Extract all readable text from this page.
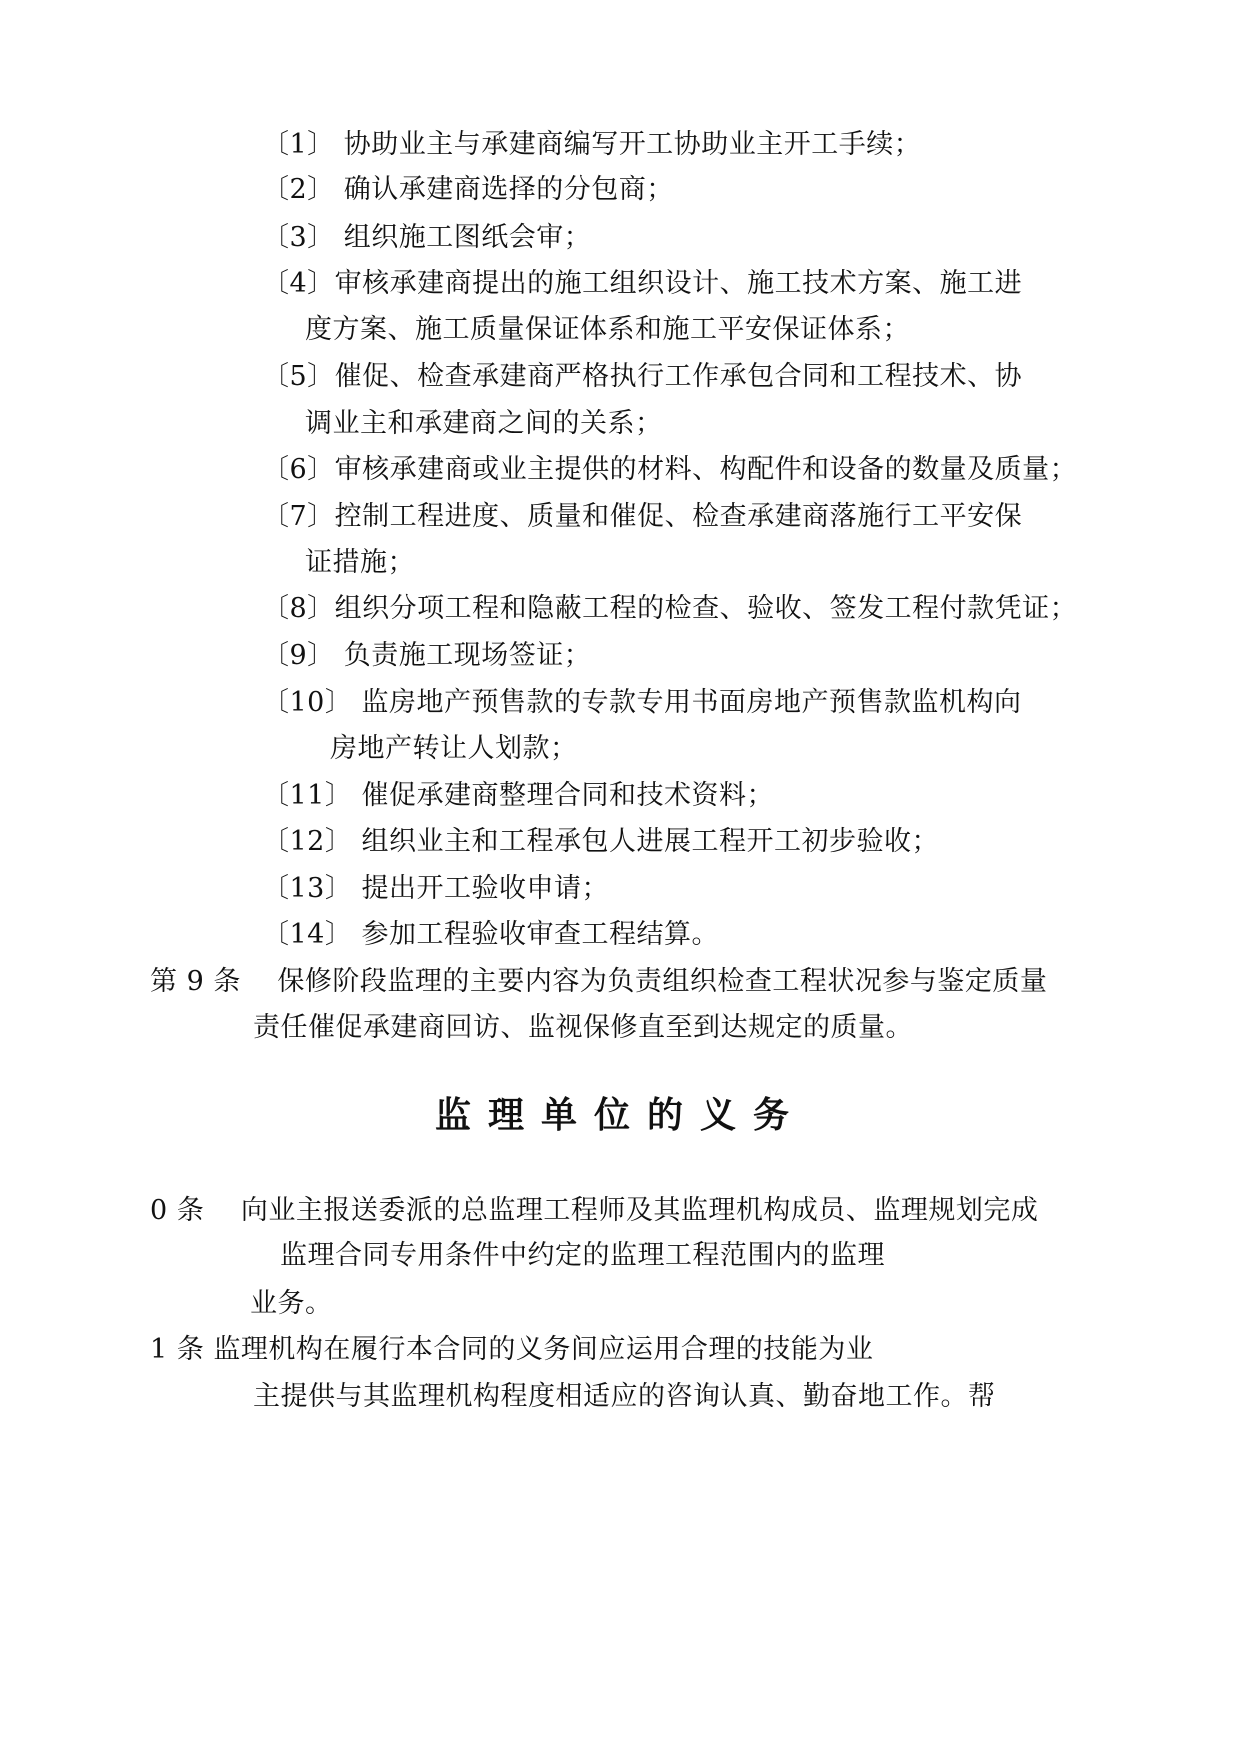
〔1〕 协助业主与承建商编写开工协助业主开工手续；
〔2〕 确认承建商选择的分包商；
〔3〕 组织施工图纸会审；
〔4〕审核承建商提出的施工组织设计、施工技术方案、施工进
度方案、施工质量保证体系和施工平安保证体系；
〔5〕催促、检查承建商严格执行工作承包合同和工程技术、协
调业主和承建商之间的关系；
〔6〕审核承建商或业主提供的材料、构配件和设备的数量及质量；
〔7〕控制工程进度、质量和催促、检查承建商落施行工平安保
证措施；
〔8〕组织分项工程和隐蔽工程的检查、验收、签发工程付款凭证；
〔9〕 负责施工现场签证；
〔10〕 监房地产预售款的专款专用书面房地产预售款监机构向
房地产转让人划款；
〔11〕 催促承建商整理合同和技术资料；
〔12〕 组织业主和工程承包人进展工程开工初步验收；
〔13〕 提出开工验收申请；
〔14〕 参加工程验收审查工程结算。
第 9 条　 保修阶段监理的主要内容为负责组织检查工程状况参与鉴定质量
责任催促承建商回访、监视保修直至到达规定的质量。
监理单位的义务
0 条　 向业主报送委派的总监理工程师及其监理机构成员、监理规划完成
监理合同专用条件中约定的监理工程范围内的监理
业务。
1 条 监理机构在履行本合同的义务间应运用合理的技能为业
主提供与其监理机构程度相适应的咨询认真、勤奋地工作。帮
